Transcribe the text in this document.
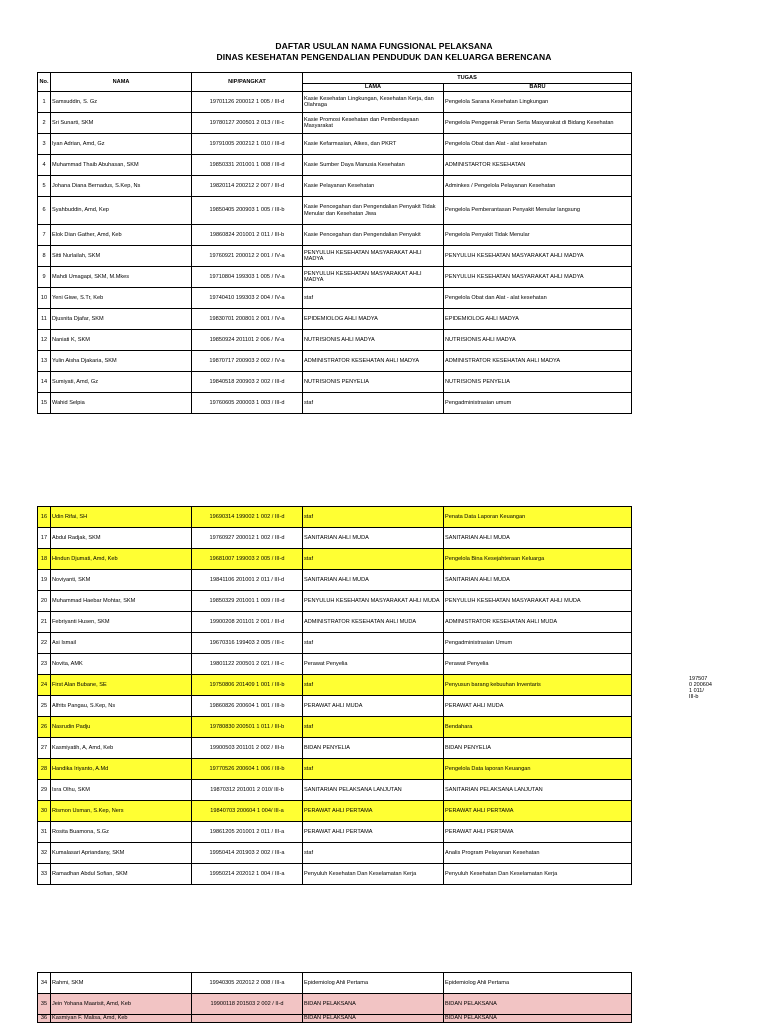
DAFTAR USULAN NAMA FUNGSIONAL PELAKSANA
DINAS KESEHATAN PENGENDALIAN PENDUDUK DAN KELUARGA BERENCANA
No.	NAMA	NIP/PANGKAT	TUGAS	
			LAMA	BARU
1	Samsuddin, S. Gz	19701126 200012 1 005 / III-d	Kasie Kesehatan Lingkungan, Kesehatan Kerja, dan Olahraga	Pengelola Sarana Kesehatan Lingkungan
2	Sri Sunarti, SKM	19780127 200501 2 013 / III-c	Kasie Promosi Kesehatan dan Pemberdayaan Masyarakat	Pengelola Penggerak Peran Serta Masyarakat di Bidang Kesehatan
3	Iyan Adrian, Amd, Gz	19791005 200212 1 010 / III-d	Kasie Kefarmasian, Alkes, dan PKRT	Pengelola Obat dan Alat - alat kesehatan
4	Muhammad Thaib Abuhasan, SKM	19850331 201001 1 008 / III-d	Kasie Sumber Daya Manusia Kesehatan	ADMINISTARTOR KESEHATAN
5	Johana Diana Bernadus, S.Kep, Ns	19820114 200212 2 007 / III-d	Kasie Pelayanan Kesehatan	Adminkes / Pengelola Pelayanan Kesehatan
6	Syahbuddin, Amd, Kep	19850405 200903 1 005 / III-b	Kasie Pencegahan dan Pengendalian Penyakit Tidak Menular dan Kesehatan Jiwa	Pengelola Pemberantasan Penyakit Menular langsung
7	Elok Dian Gather, Amd, Keb	19860824 201001 2 011 / III-b	Kasie Pencegahan dan Pengendalian Penyakit	Pengelola Penyakit Tidak Menular
8	Sitti Nurlailah, SKM	19760921 200012 2 001 / IV-a	PENYULUH KESEHATAN MASYARAKAT AHLI MADYA	PENYULUH KESEHATAN MASYARAKAT AHLI MADYA
9	Mahdi Umagapi, SKM, M.Mkes	19710804 199303 1 005 / IV-a	PENYULUH KESEHATAN MASYARAKAT AHLI MADYA	PENYULUH KESEHATAN MASYARAKAT AHLI MADYA
10	Yeni Giwe, S.Tr, Keb	19740410 199303 2 004 / IV-a	staf	Pengelola Obat dan Alat - alat kesehatan
11	Djusnita Djafar, SKM	19830701 200801 2 001 / IV-a	EPIDEMIOLOG AHLI MADYA	EPIDEMIOLOG AHLI MADYA
12	Naniati K, SKM	19850924 201101 2 006 / IV-a	NUTRISIONIS AHLI MADYA	NUTRISIONIS AHLI MADYA
13	Yulin Aisha Djakaria, SKM	19870717 200903 2 002 / IV-a	ADMINISTRATOR KESEHATAN AHLI MADYA	ADMINISTRATOR KESEHATAN AHLI MADYA
14	Sumiyati, Amd, Gz	19840518 200903 2 002 / III-d	NUTRISIONIS PENYELIA	NUTRISIONIS PENYELIA
15	Wahid Selpia	19760605 200003 1 003 / III-d	staf	Pengadministrasian umum
16	Udin Rifai, SH	19690314 199002 1 002 / III-d	staf	Penata Data Laporan Keuangan
17	Abdul Radjak, SKM	19760927 200012 1 002 / III-d	SANITARIAN AHLI MUDA	SANITARIAN AHLI MUDA
18	Hindun Djumati, Amd, Keb	19681007 199003 2 005 / III-d	staf	Pengelola Bina Kesejahteraan Keluarga
19	Noviyanti, SKM	19841106 201001 2 011 / III-d	SANITARIAN AHLI MUDA	SANITARIAN AHLI MUDA
20	Muhammad Haebar Mohtar, SKM	19850329 201001 1 009 / III-d	PENYULUH KESEHATAN MASYARAKAT AHLI MUDA	PENYULUH KESEHATAN MASYARAKAT AHLI MUDA
21	Febriyanti Husen, SKM	19900208 201101 2 001 / III-d	ADMINISTRATOR KESEHATAN AHLI MUDA	ADMINISTRATOR KESEHATAN AHLI MUDA
22	Asi Ismail	19670316 199403 2 005 / III-c	staf	Pengadministrasian Umum
23	Novita, AMK	19801122 200501 2 021 / III-c	Perawat Penyelia	Perawat Penyelia
24	First Alan Bubane, SE	19750806 201409 1 001 / III-b	staf	Penyusun barang kebuuhan Inventaris
25	Alfrits Pangau, S.Kep, Ns	19860826 200604 1 001 / III-b	PERAWAT AHLI MUDA	PERAWAT AHLI MUDA
26	Nasrudin Padju	19780830 200501 1 011 / III-b	staf	Bendahara
27	Kasmiyatih, A, Amd, Keb	19900503 201101 2 002 / III-b	BIDAN PENYELIA	BIDAN PENYELIA
28	Handika Iriyanto, A.Md	19770526 200604 1 006 / III-b	staf	Pengelola Data laporan Keuangan
29	Isra Olhu, SKM	19870312 201001 2 010/ III-b	SANITARIAN PELAKSANA LANJUTAN	SANITARIAN PELAKSANA LANJUTAN
30	Rismon Usman, S.Kep, Ners	19840703 200604 1 004/ III-a	PERAWAT AHLI PERTAMA	PERAWAT AHLI PERTAMA
31	Rosita Buamona, S.Gz	19861205 201001 2 011 / III-a	PERAWAT AHLI PERTAMA	PERAWAT AHLI PERTAMA
32	Kumalasari Apriandany, SKM	19950414 201903 2 002 / III-a	staf	Analis Program Pelayanan Kesehatan
33	Ramadhan Abdul Sofian, SKM	19950214 202012 1 004 / III-a	Penyuluh Kesehatan Dan Keselamatan Kerja	Penyuluh Kesehatan Dan Keselamatan Kerja
34	Rahmi, SKM	19940305 202012 2 008 / III-a	Epidemiolog Ahli Pertama	Epidemiolog Ahli Pertama
35	Jein Yohana Maarisit, Amd, Keb	19900118 201503 2 002 / II-d	BIDAN PELAKSANA	BIDAN PELAKSANA
36	Kasmiyan F. Malisa, Amd, Keb		BIDAN PELAKSANA	BIDAN PELAKSANA
197507
0 200604
1 011/
III-b
